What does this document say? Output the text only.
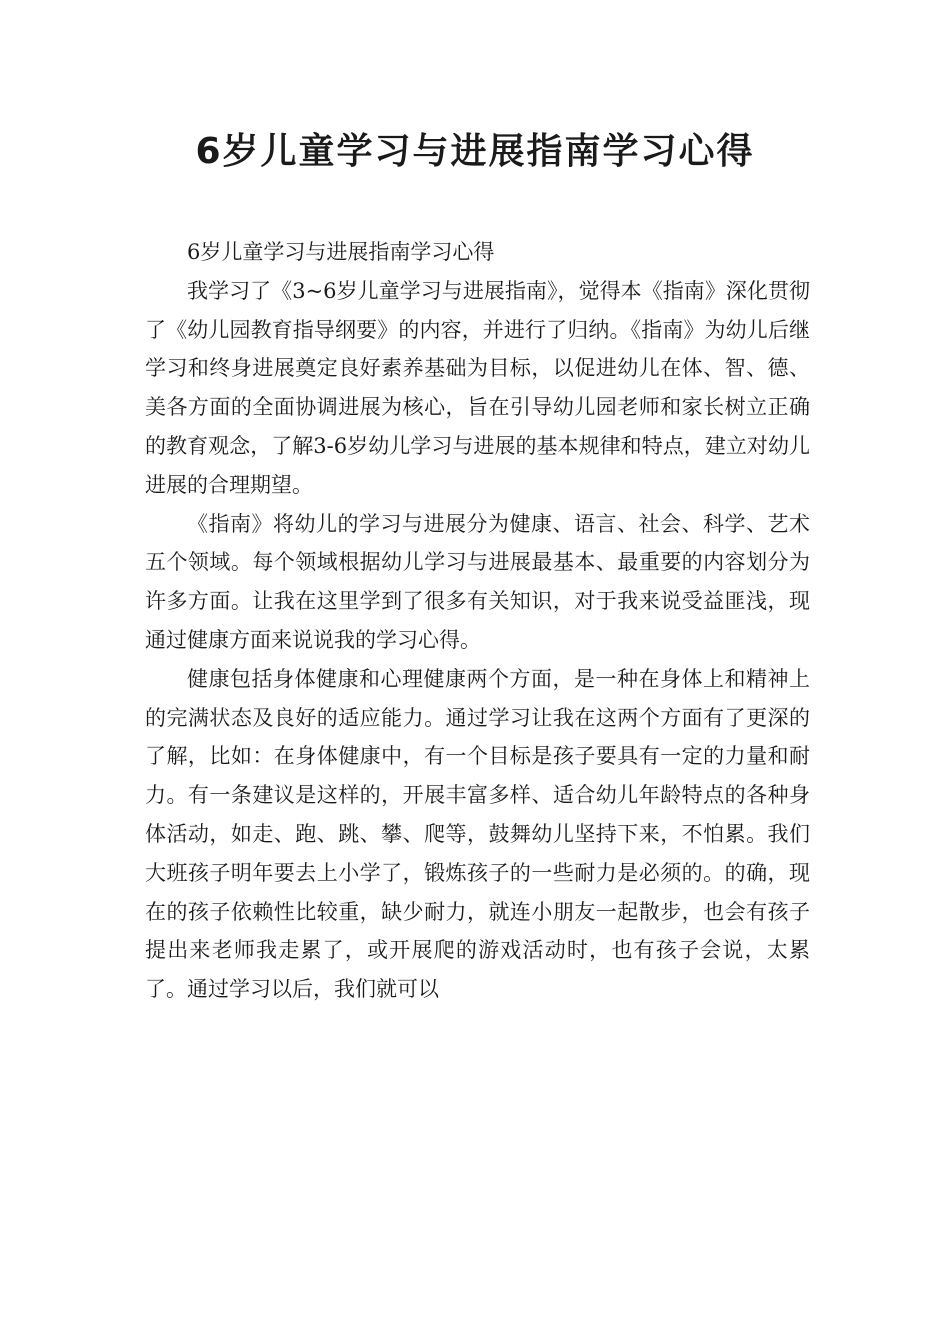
6岁儿童学习与进展指南学习心得

6岁儿童学习与进展指南学习心得

我学习了《3~6岁儿童学习与进展指南》，觉得本《指南》深化贯彻了《幼儿园教育指导纲要》的内容，并进行了归纳。《指南》为幼儿后继学习和终身进展奠定良好素养基础为目标，以促进幼儿在体、智、德、美各方面的全面协调进展为核心，旨在引导幼儿园老师和家长树立正确的教育观念，了解3-6岁幼儿学习与进展的基本规律和特点，建立对幼儿进展的合理期望。

《指南》将幼儿的学习与进展分为健康、语言、社会、科学、艺术五个领域。每个领域根据幼儿学习与进展最基本、最重要的内容划分为许多方面。让我在这里学到了很多有关知识，对于我来说受益匪浅，现通过健康方面来说说我的学习心得。

健康包括身体健康和心理健康两个方面，是一种在身体上和精神上的完满状态及良好的适应能力。通过学习让我在这两个方面有了更深的了解，比如：在身体健康中，有一个目标是孩子要具有一定的力量和耐力。有一条建议是这样的，开展丰富多样、适合幼儿年龄特点的各种身体活动，如走、跑、跳、攀、爬等，鼓舞幼儿坚持下来，不怕累。我们大班孩子明年要去上小学了，锻炼孩子的一些耐力是必须的。的确，现在的孩子依赖性比较重，缺少耐力，就连小朋友一起散步，也会有孩子提出来老师我走累了，或开展爬的游戏活动时，也有孩子会说，太累了。通过学习以后，我们就可以
